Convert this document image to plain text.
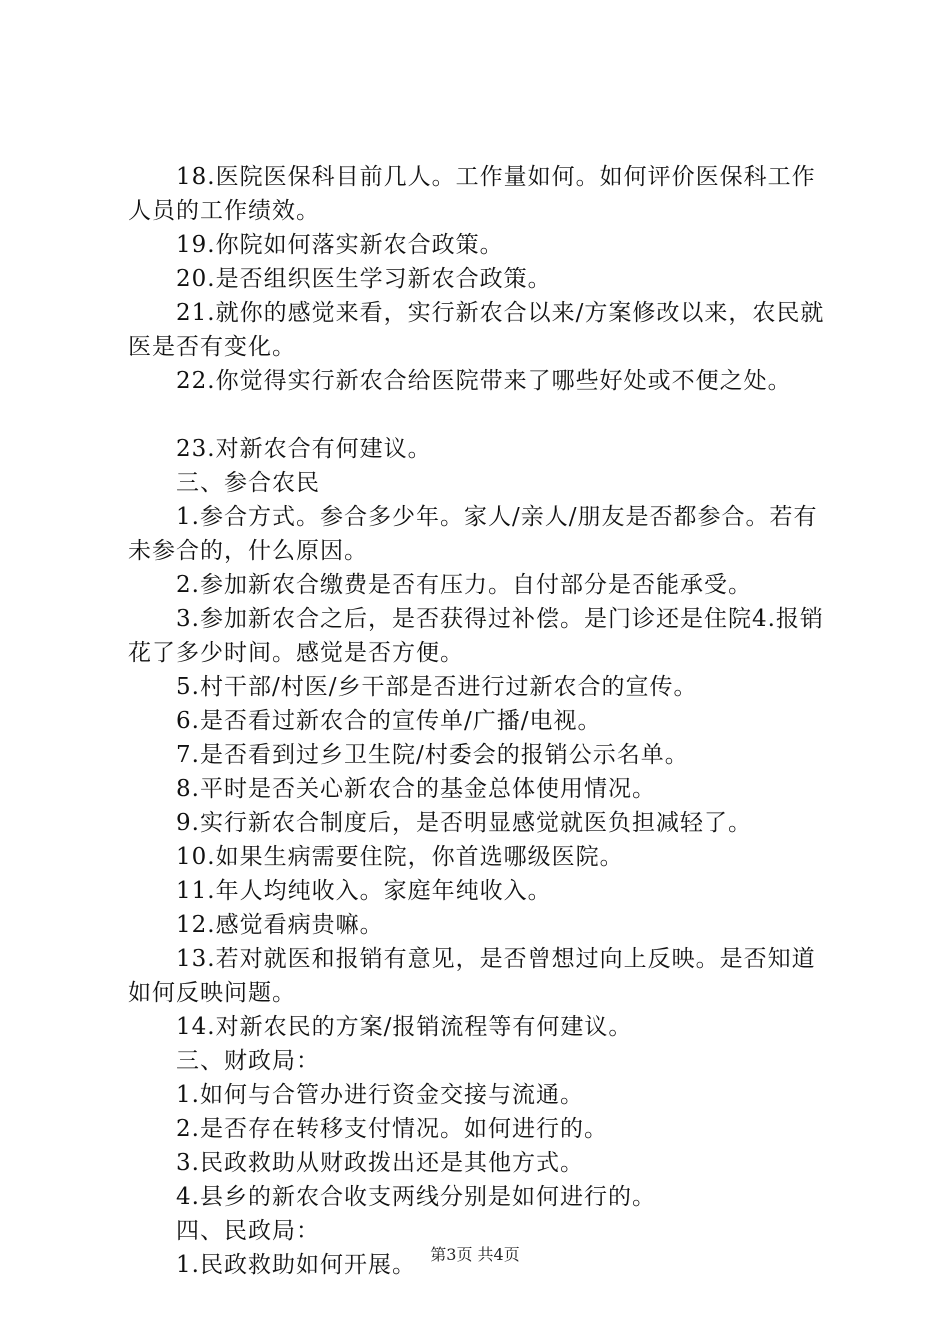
18.医院医保科目前几人。工作量如何。如何评价医保科工作人员的工作绩效。

19.你院如何落实新农合政策。

20.是否组织医生学习新农合政策。

21.就你的感觉来看，实行新农合以来/方案修改以来，农民就医是否有变化。

22.你觉得实行新农合给医院带来了哪些好处或不便之处。

23.对新农合有何建议。

三、参合农民

1.参合方式。参合多少年。家人/亲人/朋友是否都参合。若有未参合的，什么原因。

2.参加新农合缴费是否有压力。自付部分是否能承受。

3.参加新农合之后，是否获得过补偿。是门诊还是住院4.报销花了多少时间。感觉是否方便。

5.村干部/村医/乡干部是否进行过新农合的宣传。

6.是否看过新农合的宣传单/广播/电视。

7.是否看到过乡卫生院/村委会的报销公示名单。

8.平时是否关心新农合的基金总体使用情况。

9.实行新农合制度后，是否明显感觉就医负担减轻了。

10.如果生病需要住院，你首选哪级医院。

11.年人均纯收入。家庭年纯收入。

12.感觉看病贵嘛。

13.若对就医和报销有意见，是否曾想过向上反映。是否知道如何反映问题。

14.对新农民的方案/报销流程等有何建议。

三、财政局：

1.如何与合管办进行资金交接与流通。

2.是否存在转移支付情况。如何进行的。

3.民政救助从财政拨出还是其他方式。

4.县乡的新农合收支两线分别是如何进行的。

四、民政局：

1.民政救助如何开展。 第3页 共4页
